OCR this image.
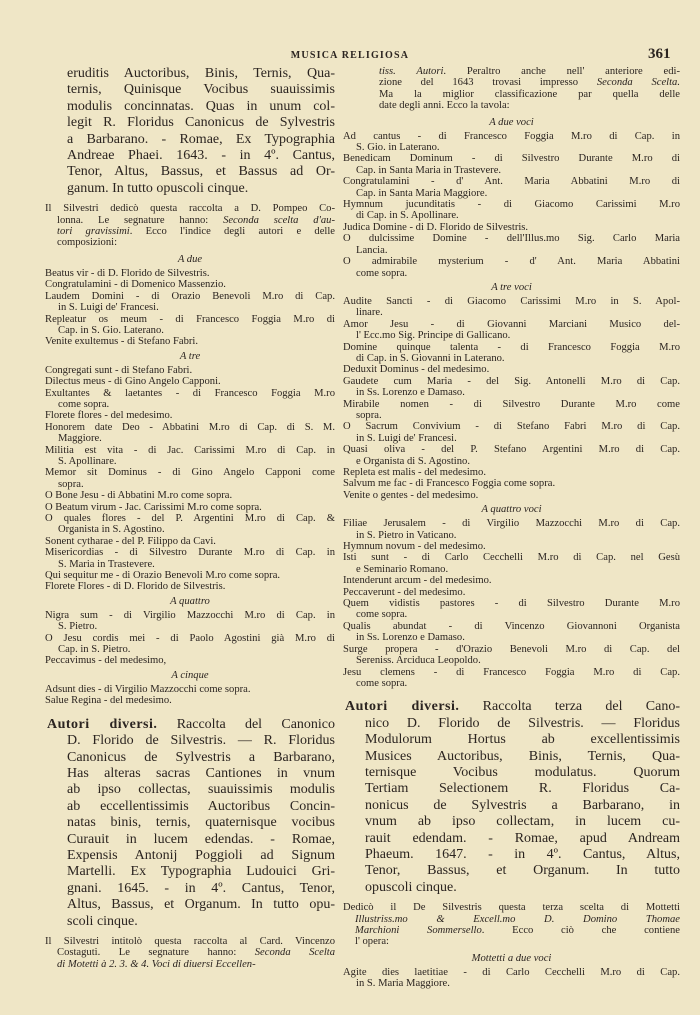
MUSICA RELIGIOSA	361
eruditis Auctoribus, Binis, Ternis, Qua-
ternis, Quinisque Vocibus suauissimis
modulis concinnatas. Quas in unum col-
legit R. Floridus Canonicus de Sylvestris
a Barbarano. - Romae, Ex Typographia
Andreae Phaei. 1643. - in 4º. Cantus,
Tenor, Altus, Bassus, et Bassus ad Or-
ganum. In tutto opuscoli cinque.
Il Silvestri dedicò questa raccolta a D. Pompeo Co-
lonna. Le segnature hanno: Seconda scelta d'au-
tori gravissimi. Ecco l'indice degli autori e delle
composizioni:
A due
Beatus vir - di D. Florido de Silvestris.
Congratulamini - di Domenico Massenzio.
Laudem Domini - di Orazio Benevoli M.ro di Cap.
in S. Luigi de' Francesi.
Repleatur os meum - di Francesco Foggia M.ro di
Cap. in S. Gio. Laterano.
Venite exultemus - di Stefano Fabri.
A tre
Congregati sunt - di Stefano Fabri.
Dilectus meus - di Gino Angelo Capponi.
Exultantes & laetantes - di Francesco Foggia M.ro
come sopra.
Florete flores - del medesimo.
Honorem date Deo - Abbatini M.ro di Cap. di S. M.
Maggiore.
Militia est vita - di Jac. Carissimi M.ro di Cap. in
S. Apollinare.
Memor sit Dominus - di Gino Angelo Capponi come
sopra.
O Bone Jesu - di Abbatini M.ro come sopra.
O Beatum virum - Jac. Carissimi M.ro come sopra.
O quales flores - del P. Argentini M.ro di Cap. &
Organista in S. Agostino.
Sonent cytharae - del P. Filippo da Cavi.
Misericordias - di Silvestro Durante M.ro di Cap. in
S. Maria in Trastevere.
Qui sequitur me - di Orazio Benevoli M.ro come sopra.
Florete Flores - di D. Florido de Silvestris.
A quattro
Nigra sum - di Virgilio Mazzocchi M.ro di Cap. in
S. Pietro.
O Jesu cordis mei - di Paolo Agostini già M.ro di
Cap. in S. Pietro.
Peccavimus - del medesimo,
A cinque
Adsunt dies - di Virgilio Mazzocchi come sopra.
Salue Regina - del medesimo.
Autori diversi. Raccolta del Canonico
D. Florido de Silvestris. — R. Floridus
Canonicus de Sylvestris a Barbarano,
Has alteras sacras Cantiones in vnum
ab ipso collectas, suauissimis modulis
ab eccellentissimis Auctoribus Concin-
natas binis, ternis, quaternisque vocibus
Curauit in lucem edendas. - Romae,
Expensis Antonij Poggioli ad Signum
Martelli. Ex Typographia Ludouici Gri-
gnani. 1645. - in 4º. Cantus, Tenor,
Altus, Bassus, et Organum. In tutto opu-
scoli cinque.
Il Silvestri intitolò questa raccolta al Card. Vincenzo
Costaguti. Le segnature hanno: Seconda Scelta
di Motetti à 2. 3. & 4. Voci di diuersi Eccellen-
tiss. Autori. Peraltro anche nell' anteriore edi-
zione del 1643 trovasi impresso Seconda Scelta.
Ma la miglior classificazione par quella delle
date degli anni. Ecco la tavola:
A due voci
Ad cantus - di Francesco Foggia M.ro di Cap. in
S. Gio. in Laterano.
Benedicam Dominum - di Silvestro Durante M.ro di
Cap. in Santa Maria in Trastevere.
Congratulamini - d' Ant. Maria Abbatini M.ro di
Cap. in Santa Maria Maggiore.
Hymnum jucunditatis - di Giacomo Carissimi M.ro
di Cap. in S. Apollinare.
Judica Domine - di D. Florido de Silvestris.
O dulcissime Domine - dell'Illus.mo Sig. Carlo Maria
Lancia.
O admirabile mysterium - d' Ant. Maria Abbatini
come sopra.
A tre voci
Audite Sancti - di Giacomo Carissimi M.ro in S. Apol-
linare.
Amor Jesu - di Giovanni Marciani Musico del-
l' Ecc.mo Sig. Principe di Gallicano.
Domine quinque talenta - di Francesco Foggia M.ro
di Cap. in S. Giovanni in Laterano.
Deduxit Dominus - del medesimo.
Gaudete cum Maria - del Sig. Antonelli M.ro di Cap.
in Ss. Lorenzo e Damaso.
Mirabile nomen - di Silvestro Durante M.ro come
sopra.
O Sacrum Convivium - di Stefano Fabri M.ro di Cap.
in S. Luigi de' Francesi.
Quasi oliva - del P. Stefano Argentini M.ro di Cap.
e Organista di S. Agostino.
Repleta est malis - del medesimo.
Salvum me fac - di Francesco Foggia come sopra.
Venite o gentes - del medesimo.
A quattro voci
Filiae Jerusalem - di Virgilio Mazzocchi M.ro di Cap.
in S. Pietro in Vaticano.
Hymnum novum - del medesimo.
Isti sunt - di Carlo Cecchelli M.ro di Cap. nel Gesù
e Seminario Romano.
Intenderunt arcum - del medesimo.
Peccaverunt - del medesimo.
Quem vidistis pastores - di Silvestro Durante M.ro
come sopra.
Qualis abundat - di Vincenzo Giovannoni Organista
in Ss. Lorenzo e Damaso.
Surge propera - d'Orazio Benevoli M.ro di Cap. del
Sereniss. Arciduca Leopoldo.
Jesu clemens - di Francesco Foggia M.ro di Cap.
come sopra.
Autori diversi. Raccolta terza del Cano-
nico D. Florido de Silvestris. — Floridus
Modulorum Hortus ab excellentissimis
Musices Auctoribus, Binis, Ternis, Qua-
ternisque Vocibus modulatus. Quorum
Tertiam Selectionem R. Floridus Ca-
nonicus de Sylvestris a Barbarano, in
vnum ab ipso collectam, in lucem cu-
rauit edendam. - Romae, apud Andream
Phaeum. 1647. - in 4º. Cantus, Altus,
Tenor, Bassus, et Organum. In tutto
opuscoli cinque.
Dedicò il De Silvestris questa terza scelta di Mottetti
Illustriss.mo & Excell.mo D. Domino Thomae
Marchioni Sommersello. Ecco ciò che contiene
l' opera:
Mottetti a due voci
Agite dies laetitiae - di Carlo Cecchelli M.ro di Cap.
in S. Maria Maggiore.
